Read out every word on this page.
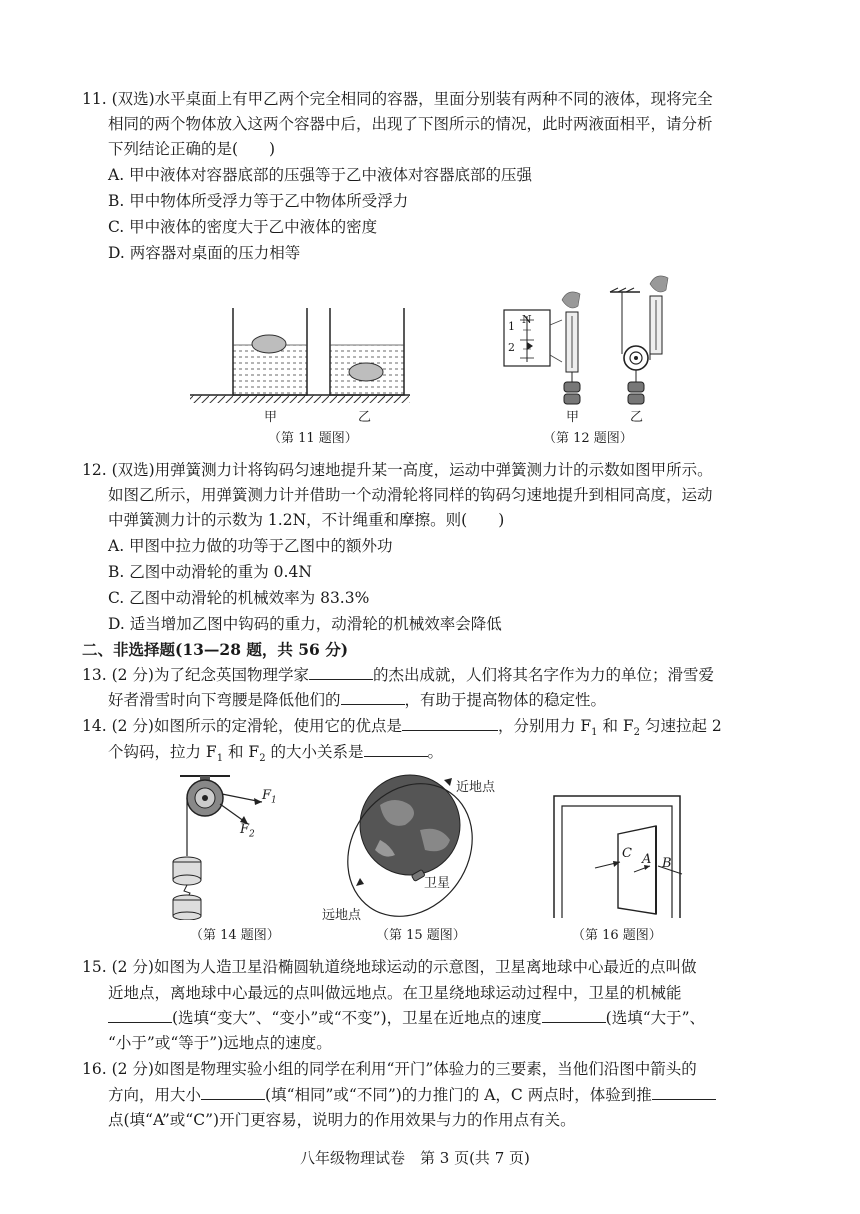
11. (双选)水平桌面上有甲乙两个完全相同的容器，里面分别装有两种不同的液体，现将完全
相同的两个物体放入这两个容器中后，出现了下图所示的情况，此时两液面相平，请分析
下列结论正确的是(　　)
A. 甲中液体对容器底部的压强等于乙中液体对容器底部的压强
B. 甲中物体所受浮力等于乙中物体所受浮力
C. 甲中液体的密度大于乙中液体的密度
D. 两容器对桌面的压力相等
甲	乙
（第 11 题图）
N
1
2
甲	乙
（第 12 题图）
12. (双选)用弹簧测力计将钩码匀速地提升某一高度，运动中弹簧测力计的示数如图甲所示。
如图乙所示，用弹簧测力计并借助一个动滑轮将同样的钩码匀速地提升到相同高度，运动
中弹簧测力计的示数为 1.2N，不计绳重和摩擦。则(　　)
A. 甲图中拉力做的功等于乙图中的额外功
B. 乙图中动滑轮的重为 0.4N
C. 乙图中动滑轮的机械效率为 83.3%
D. 适当增加乙图中钩码的重力，动滑轮的机械效率会降低
二、非选择题(13—28 题，共 56 分)
13. (2 分)为了纪念英国物理学家	的杰出成就，人们将其名字作为力的单位；滑雪爱
好者滑雪时向下弯腰是降低他们的	，有助于提高物体的稳定性。
14. (2 分)如图所示的定滑轮，使用它的优点是	，分别用力 $F_1$ 和 $F_2$ 匀速拉起 2
个钩码，拉力 $F_1$ 和 $F_2$ 的大小关系是	。
$F_1$
$F_2$
（第 14 题图）
近地点
卫星
远地点
（第 15 题图）
C A B
（第 16 题图）
15. (2 分)如图为人造卫星沿椭圆轨道绕地球运动的示意图，卫星离地球中心最近的点叫做
近地点，离地球中心最远的点叫做远地点。在卫星绕地球运动过程中，卫星的机械能
(选填“变大”、“变小”或“不变”)，卫星在近地点的速度	(选填“大于”、
“小于”或“等于”)远地点的速度。
16. (2 分)如图是物理实验小组的同学在利用“开门”体验力的三要素，当他们沿图中箭头的
方向，用大小	(填“相同”或“不同”)的力推门的 A，C 两点时，体验到推
点(填“A”或“C”)开门更容易，说明力的作用效果与力的作用点有关。
八年级物理试卷　第 3 页(共 7 页)
